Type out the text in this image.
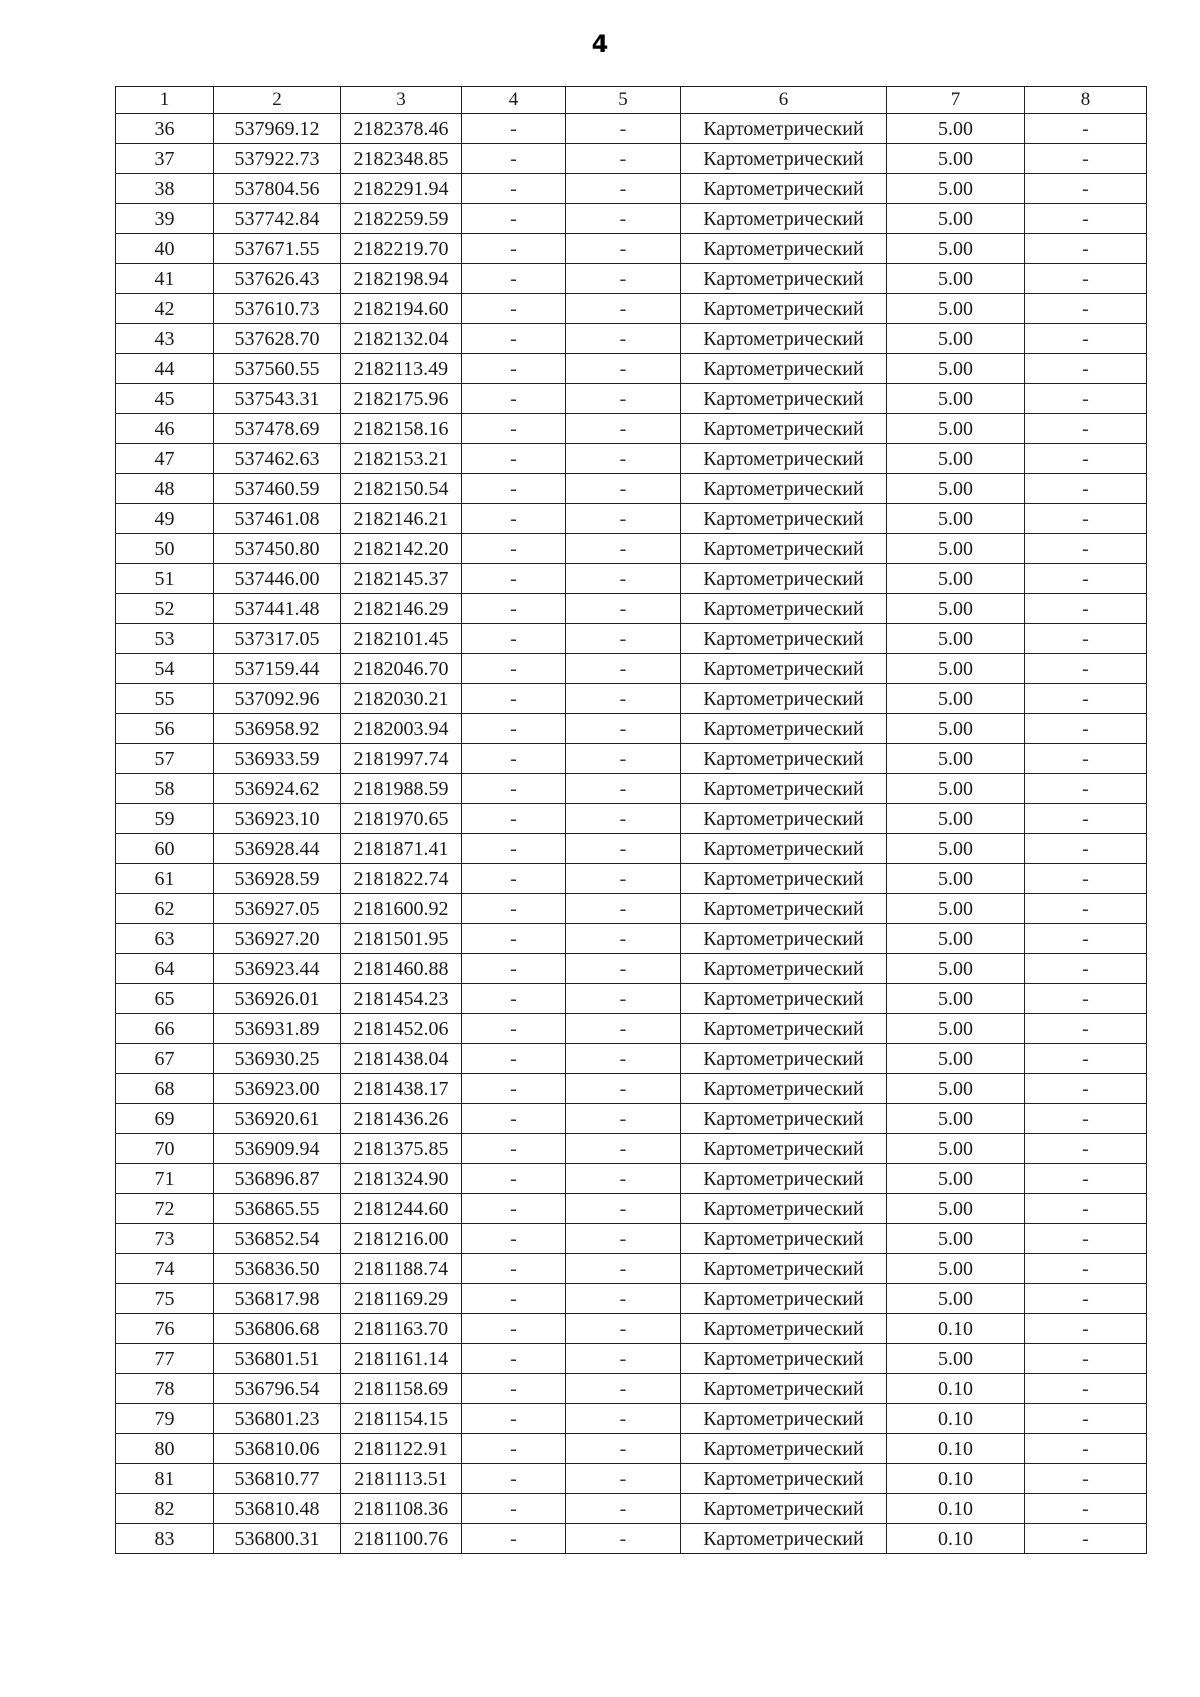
4
1	2	3	4	5	6	7	8
36	537969.12	2182378.46	-	-	Картометрический	5.00	-
37	537922.73	2182348.85	-	-	Картометрический	5.00	-
38	537804.56	2182291.94	-	-	Картометрический	5.00	-
39	537742.84	2182259.59	-	-	Картометрический	5.00	-
40	537671.55	2182219.70	-	-	Картометрический	5.00	-
41	537626.43	2182198.94	-	-	Картометрический	5.00	-
42	537610.73	2182194.60	-	-	Картометрический	5.00	-
43	537628.70	2182132.04	-	-	Картометрический	5.00	-
44	537560.55	2182113.49	-	-	Картометрический	5.00	-
45	537543.31	2182175.96	-	-	Картометрический	5.00	-
46	537478.69	2182158.16	-	-	Картометрический	5.00	-
47	537462.63	2182153.21	-	-	Картометрический	5.00	-
48	537460.59	2182150.54	-	-	Картометрический	5.00	-
49	537461.08	2182146.21	-	-	Картометрический	5.00	-
50	537450.80	2182142.20	-	-	Картометрический	5.00	-
51	537446.00	2182145.37	-	-	Картометрический	5.00	-
52	537441.48	2182146.29	-	-	Картометрический	5.00	-
53	537317.05	2182101.45	-	-	Картометрический	5.00	-
54	537159.44	2182046.70	-	-	Картометрический	5.00	-
55	537092.96	2182030.21	-	-	Картометрический	5.00	-
56	536958.92	2182003.94	-	-	Картометрический	5.00	-
57	536933.59	2181997.74	-	-	Картометрический	5.00	-
58	536924.62	2181988.59	-	-	Картометрический	5.00	-
59	536923.10	2181970.65	-	-	Картометрический	5.00	-
60	536928.44	2181871.41	-	-	Картометрический	5.00	-
61	536928.59	2181822.74	-	-	Картометрический	5.00	-
62	536927.05	2181600.92	-	-	Картометрический	5.00	-
63	536927.20	2181501.95	-	-	Картометрический	5.00	-
64	536923.44	2181460.88	-	-	Картометрический	5.00	-
65	536926.01	2181454.23	-	-	Картометрический	5.00	-
66	536931.89	2181452.06	-	-	Картометрический	5.00	-
67	536930.25	2181438.04	-	-	Картометрический	5.00	-
68	536923.00	2181438.17	-	-	Картометрический	5.00	-
69	536920.61	2181436.26	-	-	Картометрический	5.00	-
70	536909.94	2181375.85	-	-	Картометрический	5.00	-
71	536896.87	2181324.90	-	-	Картометрический	5.00	-
72	536865.55	2181244.60	-	-	Картометрический	5.00	-
73	536852.54	2181216.00	-	-	Картометрический	5.00	-
74	536836.50	2181188.74	-	-	Картометрический	5.00	-
75	536817.98	2181169.29	-	-	Картометрический	5.00	-
76	536806.68	2181163.70	-	-	Картометрический	0.10	-
77	536801.51	2181161.14	-	-	Картометрический	5.00	-
78	536796.54	2181158.69	-	-	Картометрический	0.10	-
79	536801.23	2181154.15	-	-	Картометрический	0.10	-
80	536810.06	2181122.91	-	-	Картометрический	0.10	-
81	536810.77	2181113.51	-	-	Картометрический	0.10	-
82	536810.48	2181108.36	-	-	Картометрический	0.10	-
83	536800.31	2181100.76	-	-	Картометрический	0.10	-
